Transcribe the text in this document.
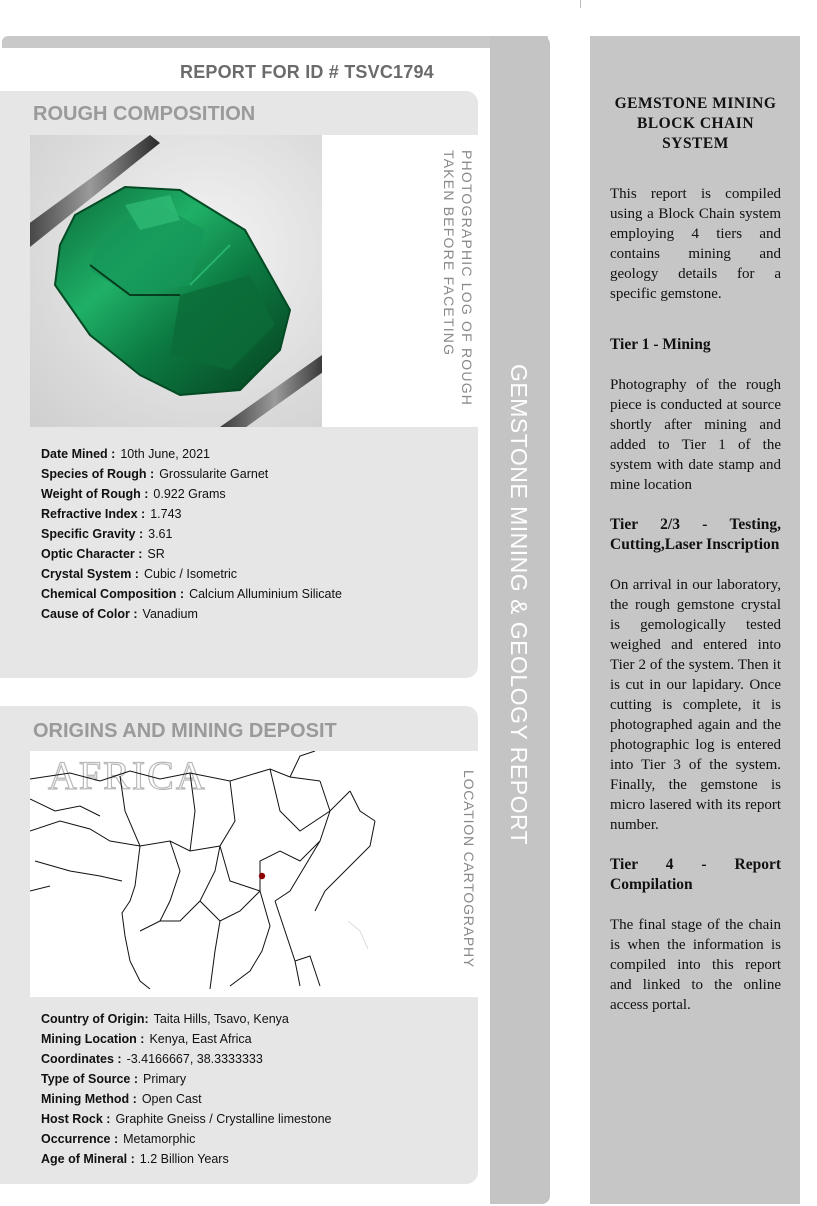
REPORT FOR ID # TSVC1794
ROUGH COMPOSITION
PHOTOGRAPHIC LOG OF ROUGH
TAKEN BEFORE FACETING
Date Mined : 10th June, 2021
Species of Rough : Grossularite Garnet
Weight of Rough : 0.922 Grams
Refractive Index : 1.743
Specific Gravity : 3.61
Optic Character : SR
Crystal System : Cubic / Isometric
Chemical Composition : Calcium Alluminium Silicate
Cause of Color : Vanadium
ORIGINS AND MINING DEPOSIT
AFRICA	LOCATION CARTOGRAPHY
Country of Origin: Taita Hills, Tsavo, Kenya
Mining Location : Kenya, East Africa
Coordinates : -3.4166667, 38.3333333
Type of Source : Primary
Mining Method : Open Cast
Host Rock : Graphite Gneiss / Crystalline limestone
Occurrence : Metamorphic
Age of Mineral : 1.2 Billion Years
GEMSTONE MINING & GEOLOGY REPORT
GEMSTONE MINING BLOCK CHAIN SYSTEM

This report is compiled using a Block Chain system employing 4 tiers and contains mining and geology details for a specific gemstone.

Tier 1 - Mining

Photography of the rough piece is conducted at source shortly after mining and added to Tier 1 of the system with date stamp and mine location

Tier 2/3 - Testing, Cutting,Laser Inscription

On arrival in our laboratory, the rough gemstone crystal is gemologically tested weighed and entered into Tier 2 of the system. Then it is cut in our lapidary. Once cutting is complete, it is photographed again and the photographic log is entered into Tier 3 of the system. Finally, the gemstone is micro lasered with its report number.

Tier 4 - Report Compilation

The final stage of the chain is when the information is compiled into this report and linked to the online access portal.
